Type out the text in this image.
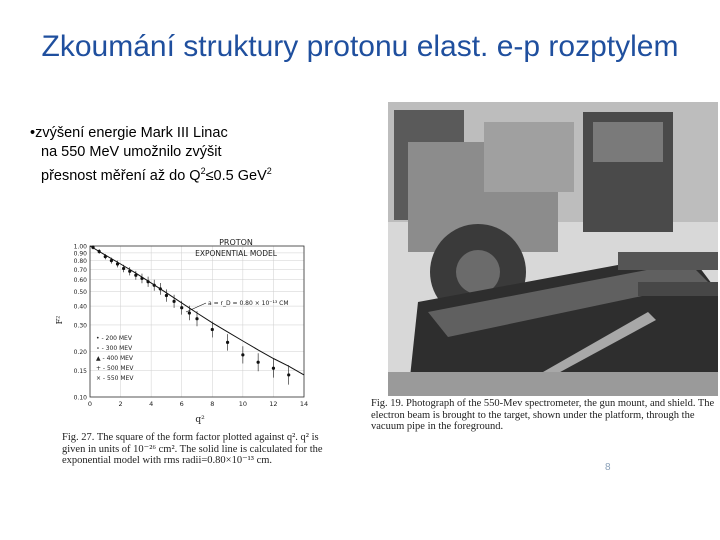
Zkoumání struktury protonu elast. e-p rozptylem
•zvýšení energie Mark III Linac
na 550 MeV umožnilo zvýšit
přesnost měření až do $Q^2\le 0.5$ GeV$^2$
1.00
0.90
0.80
0.70
0.60
0.50
0.40
0.30
0.20
0.15
0.10
0	2	4	6	8	10	12	14
PROTON
EXPONENTIAL MODEL
a = r_D = 0.80 × 10⁻¹³ CM
q²
F²
• - 200 MEV
∘ - 300 MEV
▲ - 400 MEV
+ - 500 MEV
× - 550 MEV
Fig. 27. The square of the form factor plotted against q². q² is given in units of 10⁻²⁶ cm². The solid line is calculated for the exponential model with rms radii=0.80×10⁻¹³ cm.
Fig. 19. Photograph of the 550-Mev spectrometer, the gun mount, and shield. The electron beam is brought to the target, shown under the platform, through the vacuum pipe in the foreground.
8
